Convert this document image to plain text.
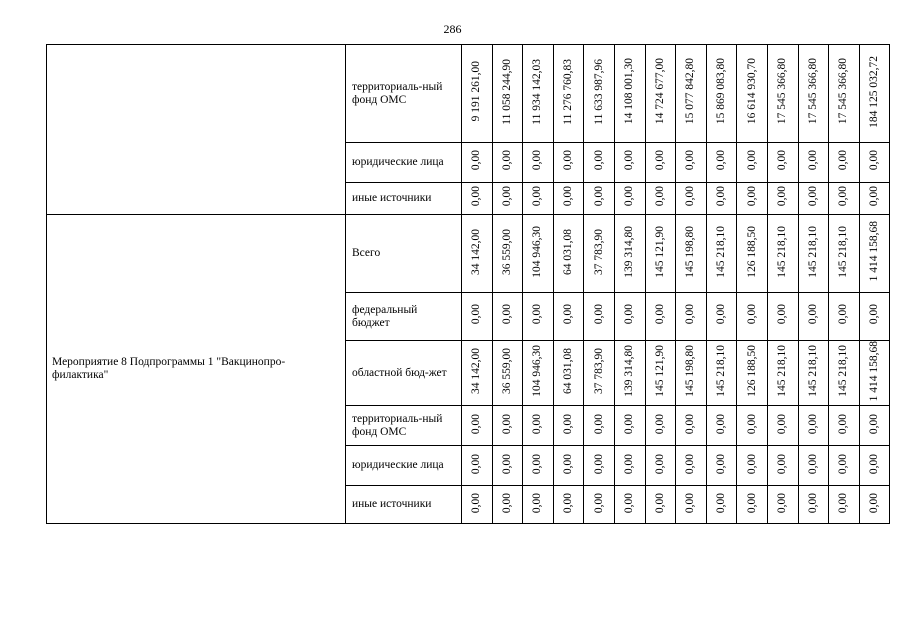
286
	территориаль-ный фонд ОМС	9 191 261,00	11 058 244,90	11 934 142,03	11 276 760,83	11 633 987,96	14 108 001,30	14 724 677,00	15 077 842,80	15 869 083,80	16 614 930,70	17 545 366,80	17 545 366,80	17 545 366,80	184 125 032,72
	юридические лица	0,00	0,00	0,00	0,00	0,00	0,00	0,00	0,00	0,00	0,00	0,00	0,00	0,00	0,00
	иные источники	0,00	0,00	0,00	0,00	0,00	0,00	0,00	0,00	0,00	0,00	0,00	0,00	0,00	0,00
Мероприятие 8 Подпрограммы 1 "Вакцинопро-филактика"	Всего	34 142,00	36 559,00	104 946,30	64 031,08	37 783,90	139 314,80	145 121,90	145 198,80	145 218,10	126 188,50	145 218,10	145 218,10	145 218,10	1 414 158,68
	федеральный бюджет	0,00	0,00	0,00	0,00	0,00	0,00	0,00	0,00	0,00	0,00	0,00	0,00	0,00	0,00
	областной бюд-жет	34 142,00	36 559,00	104 946,30	64 031,08	37 783,90	139 314,80	145 121,90	145 198,80	145 218,10	126 188,50	145 218,10	145 218,10	145 218,10	1 414 158,68
	территориаль-ный фонд ОМС	0,00	0,00	0,00	0,00	0,00	0,00	0,00	0,00	0,00	0,00	0,00	0,00	0,00	0,00
	юридические лица	0,00	0,00	0,00	0,00	0,00	0,00	0,00	0,00	0,00	0,00	0,00	0,00	0,00	0,00
	иные источники	0,00	0,00	0,00	0,00	0,00	0,00	0,00	0,00	0,00	0,00	0,00	0,00	0,00	0,00
